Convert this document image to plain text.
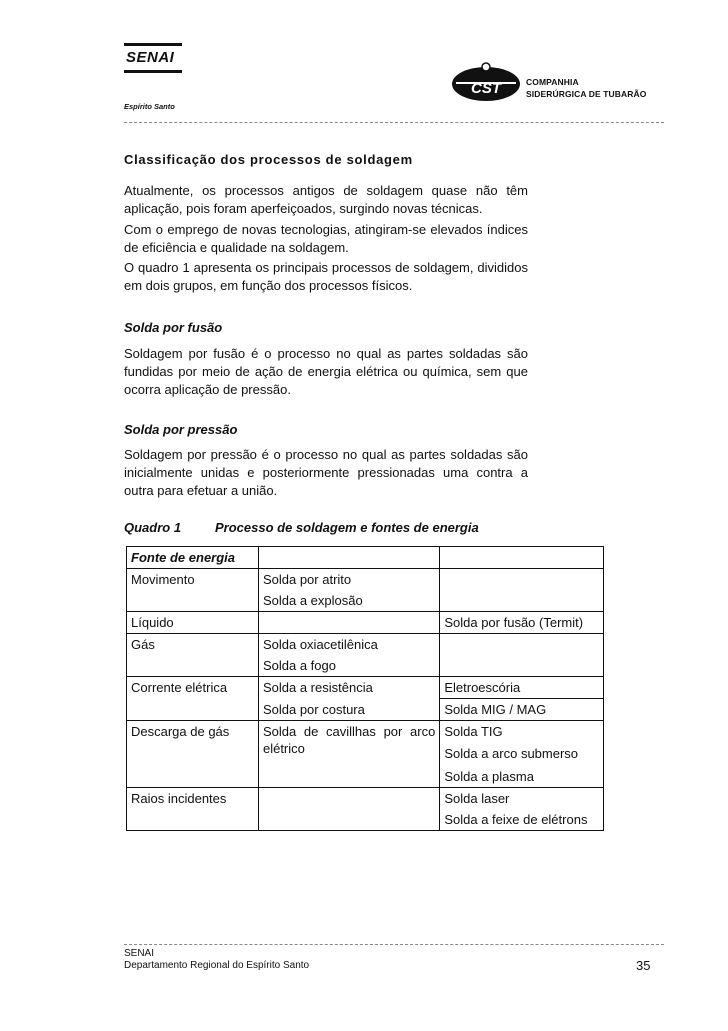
SENAI
Espírito Santo
CST	COMPANHIA
SIDERÚRGICA DE TUBARÃO
Classificação dos processos de soldagem
Atualmente, os processos antigos de soldagem quase não têm aplicação, pois foram aperfeiçoados, surgindo novas técnicas.
Com o emprego de novas tecnologias, atingiram-se elevados índices de eficiência e qualidade na soldagem.
O quadro 1 apresenta os principais processos de soldagem, divididos em dois grupos, em função dos processos físicos.
Solda por fusão
Soldagem por fusão é o processo no qual as partes soldadas são fundidas por meio de ação de energia elétrica ou química, sem que ocorra aplicação de pressão.
Solda por pressão
Soldagem por pressão é o processo no qual as partes soldadas são inicialmente unidas e posteriormente pressionadas uma contra a outra para efetuar a união.
Quadro 1	Processo de soldagem e fontes de energia
Fonte de energia		
Movimento	Solda por atrito	
	Solda a explosão	
Líquido		Solda por fusão (Termit)
Gás	Solda oxiacetilênica	
	Solda a fogo	
Corrente elétrica	Solda a resistência	Eletroescória
	Solda por costura	Solda MIG / MAG
Descarga de gás	Solda de cavillhas por arco elétrico	Solda TIG
		Solda a arco submerso
		Solda a plasma
Raios incidentes		Solda laser
		Solda a feixe de elétrons
SENAI
Departamento Regional do Espírito Santo	35
